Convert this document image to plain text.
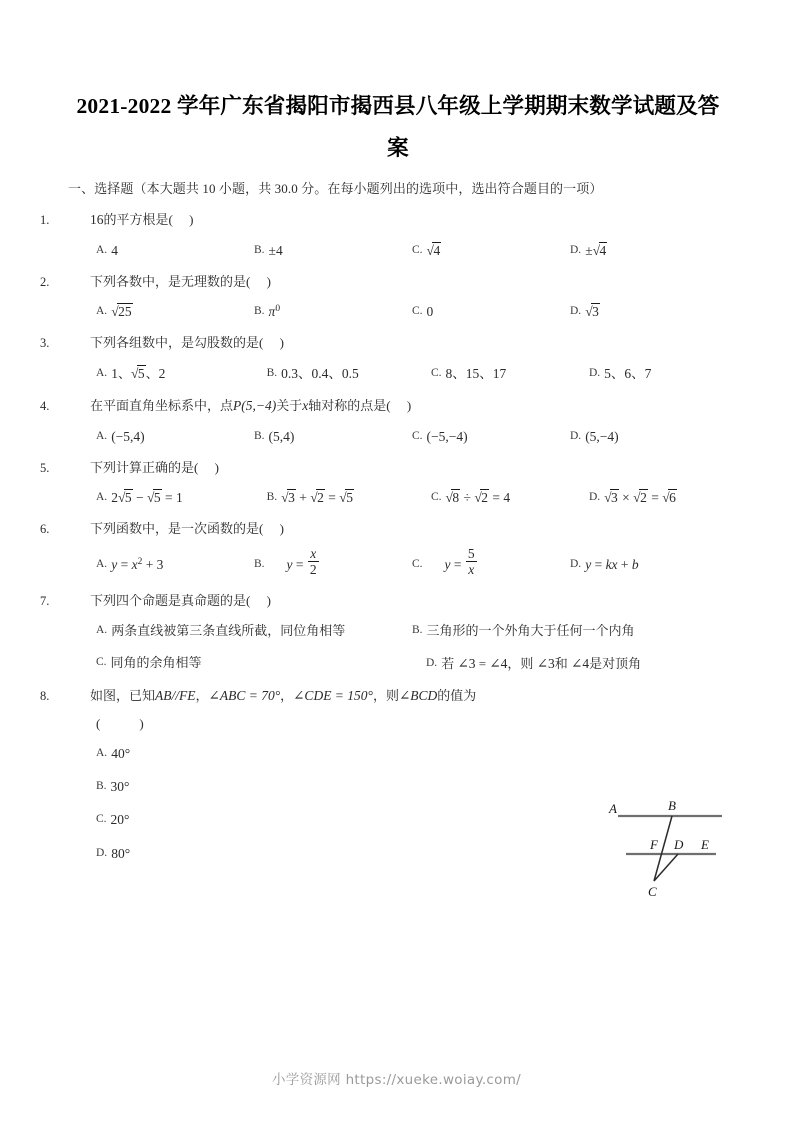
2021-2022 学年广东省揭阳市揭西县八年级上学期期末数学试题及答案
一、选择题（本大题共 10 小题，共 30.0 分。在每小题列出的选项中，选出符合题目的一项）
1.	16的平方根是( )
A. 4	B. ±4	C. √4	D. ±√4
2.	下列各数中，是无理数的是( )
A. √25	B. $\pi^0$	C. 0	D. √3
3.	下列各组数中，是勾股数的是( )
A. 1、√5、2	B. 0.3、0.4、0.5	C. 8、15、17	D. 5、6、7
4.	在平面直角坐标系中，点P(5,−4)关于x轴对称的点是( )
A. (−5,4)	B. (5,4)	C. (−5,−4)	D. (5,−4)
5.	下列计算正确的是( )
A. 2√5 − √5 = 1	B. √3 + √2 = √5	C. √8 ÷ √2 = 4	D. √3 × √2 = √6
6.	下列函数中，是一次函数的是( )
A. $y = x^2 + 3$	B. $y = \frac{x}{2}$	C. $y = \frac{5}{x}$	D. y = kx + b
7.	下列四个命题是真命题的是( )
A. 两条直线被第三条直线所截，同位角相等	B. 三角形的一个外角大于任何一个内角
C. 同角的余角相等	D. 若 ∠3 = ∠4，则 ∠3和 ∠4是对顶角
8.	如图，已知AB//FE，∠ABC = 70°，∠CDE = 150°，则∠BCD的值为
(　　　)
A. 40°
B. 30°
C. 20°
D. 80°
A	B
F D E
C
小学资源网 https://xueke.woiay.com/
